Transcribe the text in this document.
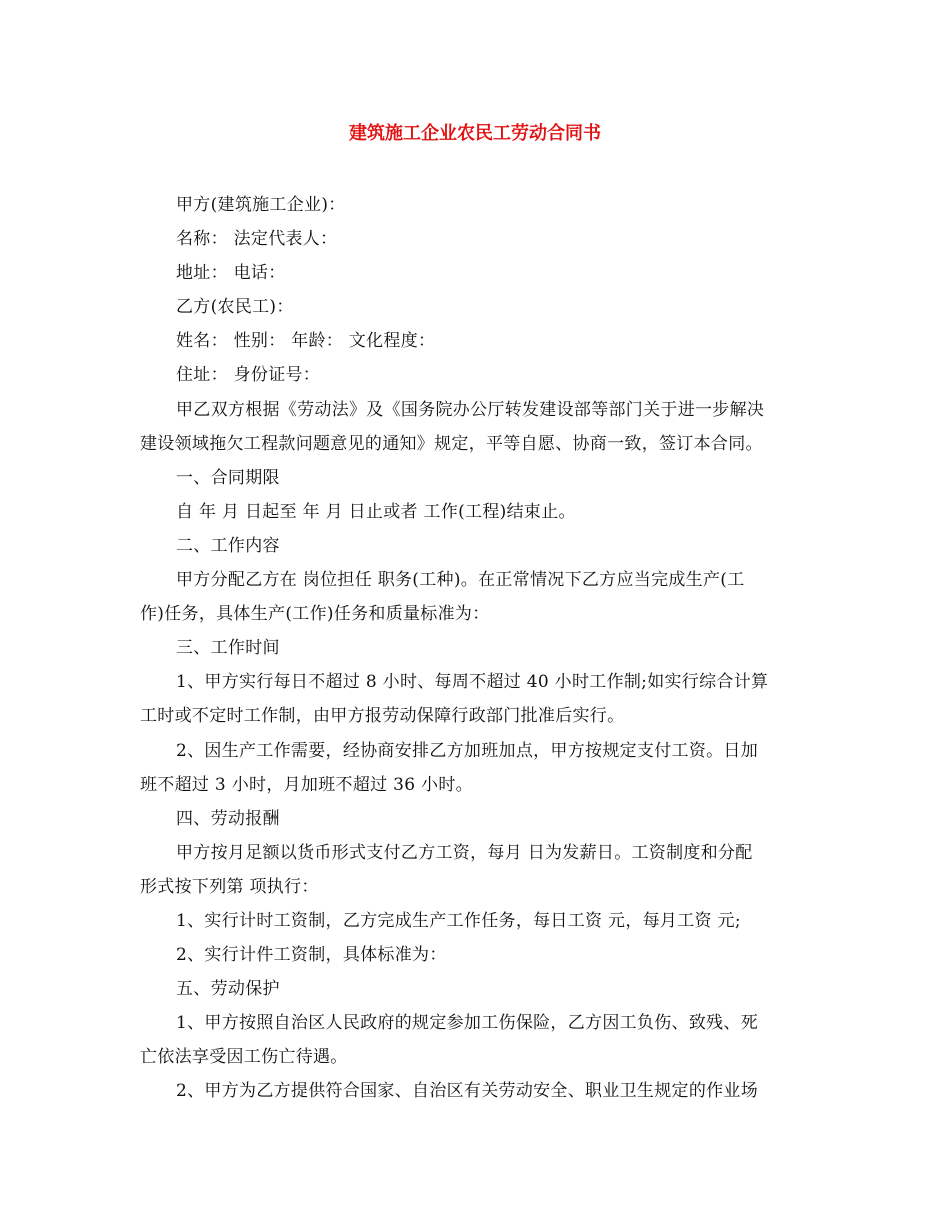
建筑施工企业农民工劳动合同书
甲方(建筑施工企业)：
名称： 法定代表人：
地址： 电话：
乙方(农民工)：
姓名： 性别： 年龄： 文化程度：
住址： 身份证号：
甲乙双方根据《劳动法》及《国务院办公厅转发建设部等部门关于进一步解决
建设领域拖欠工程款问题意见的通知》规定，平等自愿、协商一致，签订本合同。
一、合同期限
自 年 月 日起至 年 月 日止或者 工作(工程)结束止。
二、工作内容
甲方分配乙方在 岗位担任 职务(工种)。在正常情况下乙方应当完成生产(工
作)任务，具体生产(工作)任务和质量标准为：
三、工作时间
1、甲方实行每日不超过 8 小时、每周不超过 40 小时工作制;如实行综合计算
工时或不定时工作制，由甲方报劳动保障行政部门批准后实行。
2、因生产工作需要，经协商安排乙方加班加点，甲方按规定支付工资。日加
班不超过 3 小时，月加班不超过 36 小时。
四、劳动报酬
甲方按月足额以货币形式支付乙方工资，每月 日为发薪日。工资制度和分配
形式按下列第 项执行：
1、实行计时工资制，乙方完成生产工作任务，每日工资 元，每月工资 元;
2、实行计件工资制，具体标准为：
五、劳动保护
1、甲方按照自治区人民政府的规定参加工伤保险，乙方因工负伤、致残、死
亡依法享受因工伤亡待遇。
2、甲方为乙方提供符合国家、自治区有关劳动安全、职业卫生规定的作业场
